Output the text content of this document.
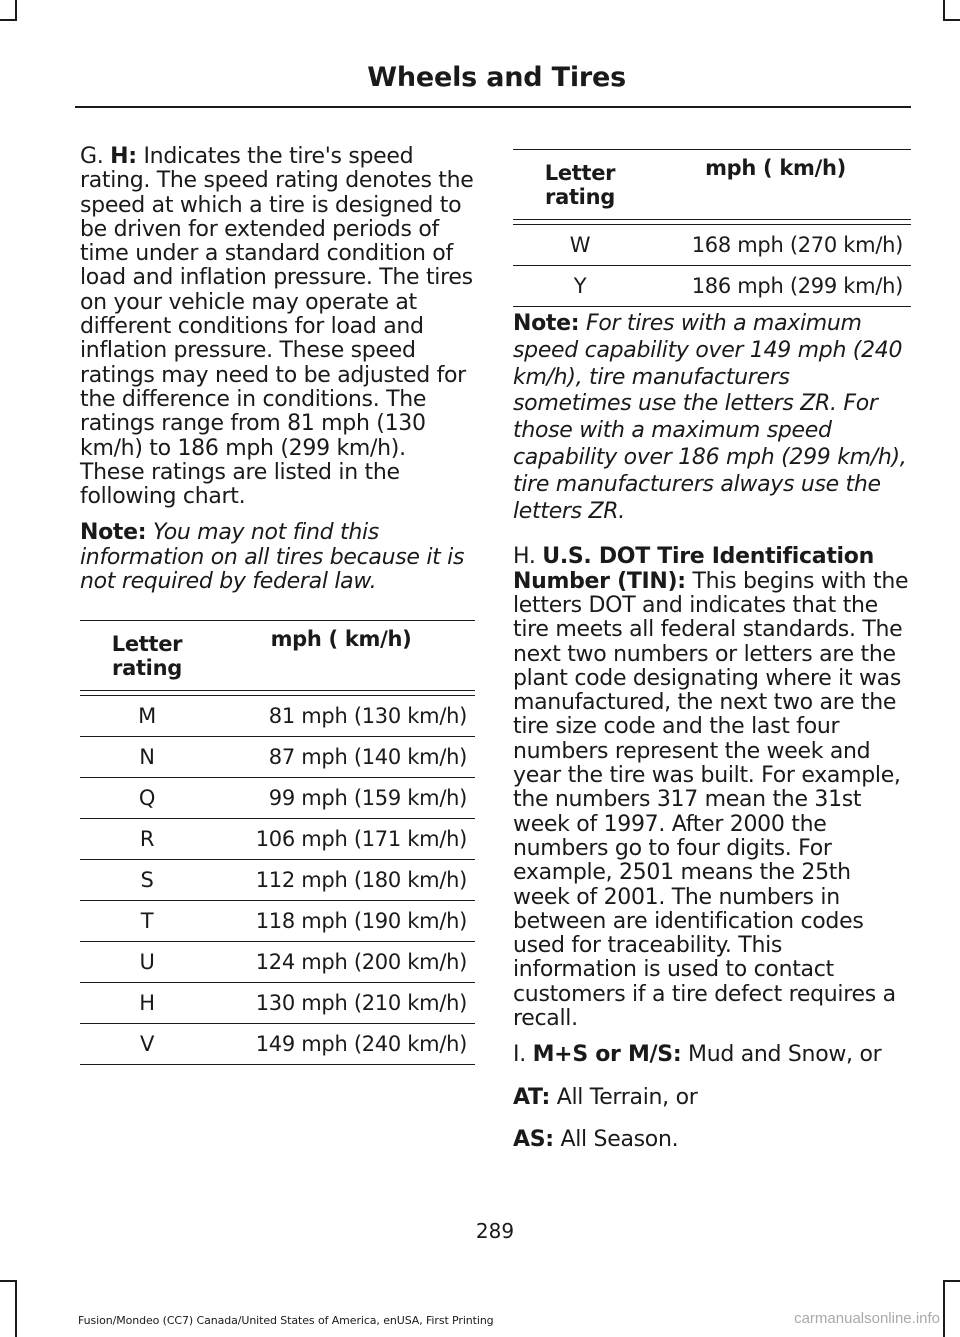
Wheels and Tires

G. H: Indicates the tire's speed rating. The speed rating denotes the speed at which a tire is designed to be driven for extended periods of time under a standard condition of load and inflation pressure. The tires on your vehicle may operate at different conditions for load and inflation pressure. These speed ratings may need to be adjusted for the difference in conditions. The ratings range from 81 mph (130 km/h) to 186 mph (299 km/h). These ratings are listed in the following chart.

Note: You may not find this information on all tires because it is not required by federal law.

Letter rating	mph ( km/h)

M	81 mph (130 km/h)
N	87 mph (140 km/h)
Q	99 mph (159 km/h)
R	106 mph (171 km/h)
S	112 mph (180 km/h)
T	118 mph (190 km/h)
U	124 mph (200 km/h)
H	130 mph (210 km/h)
V	149 mph (240 km/h)
Letter rating	mph ( km/h)

W	168 mph (270 km/h)
Y	186 mph (299 km/h)

Note: For tires with a maximum speed capability over 149 mph (240 km/h), tire manufacturers sometimes use the letters ZR. For those with a maximum speed capability over 186 mph (299 km/h), tire manufacturers always use the letters ZR.

H. U.S. DOT Tire Identification Number (TIN): This begins with the letters DOT and indicates that the tire meets all federal standards. The next two numbers or letters are the plant code designating where it was manufactured, the next two are the tire size code and the last four numbers represent the week and year the tire was built. For example, the numbers 317 mean the 31st week of 1997. After 2000 the numbers go to four digits. For example, 2501 means the 25th week of 2001. The numbers in between are identification codes used for traceability. This information is used to contact customers if a tire defect requires a recall.

I. M+S or M/S: Mud and Snow, or

AT: All Terrain, or

AS: All Season.

289
Fusion/Mondeo (CC7) Canada/United States of America, enUSA, First Printing	carmanualsonline.info
